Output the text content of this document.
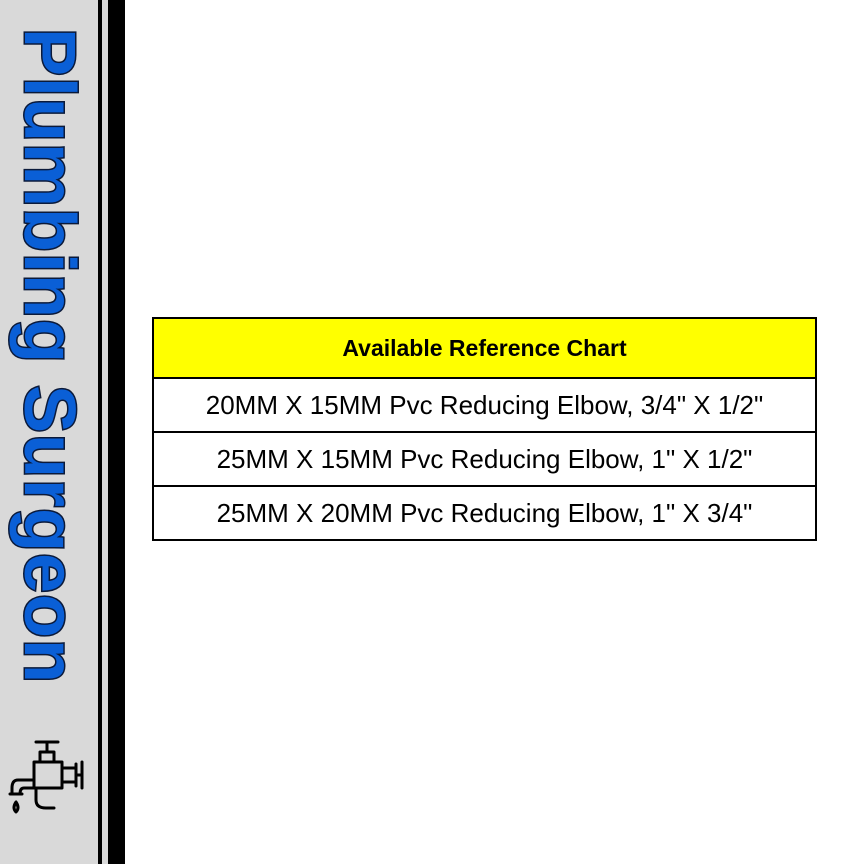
Plumbing Surgeon	Available Reference Chart
20MM X 15MM Pvc Reducing Elbow, 3/4" X 1/2"
25MM X 15MM Pvc Reducing Elbow, 1" X 1/2"
25MM X 20MM Pvc Reducing Elbow, 1" X 3/4"
